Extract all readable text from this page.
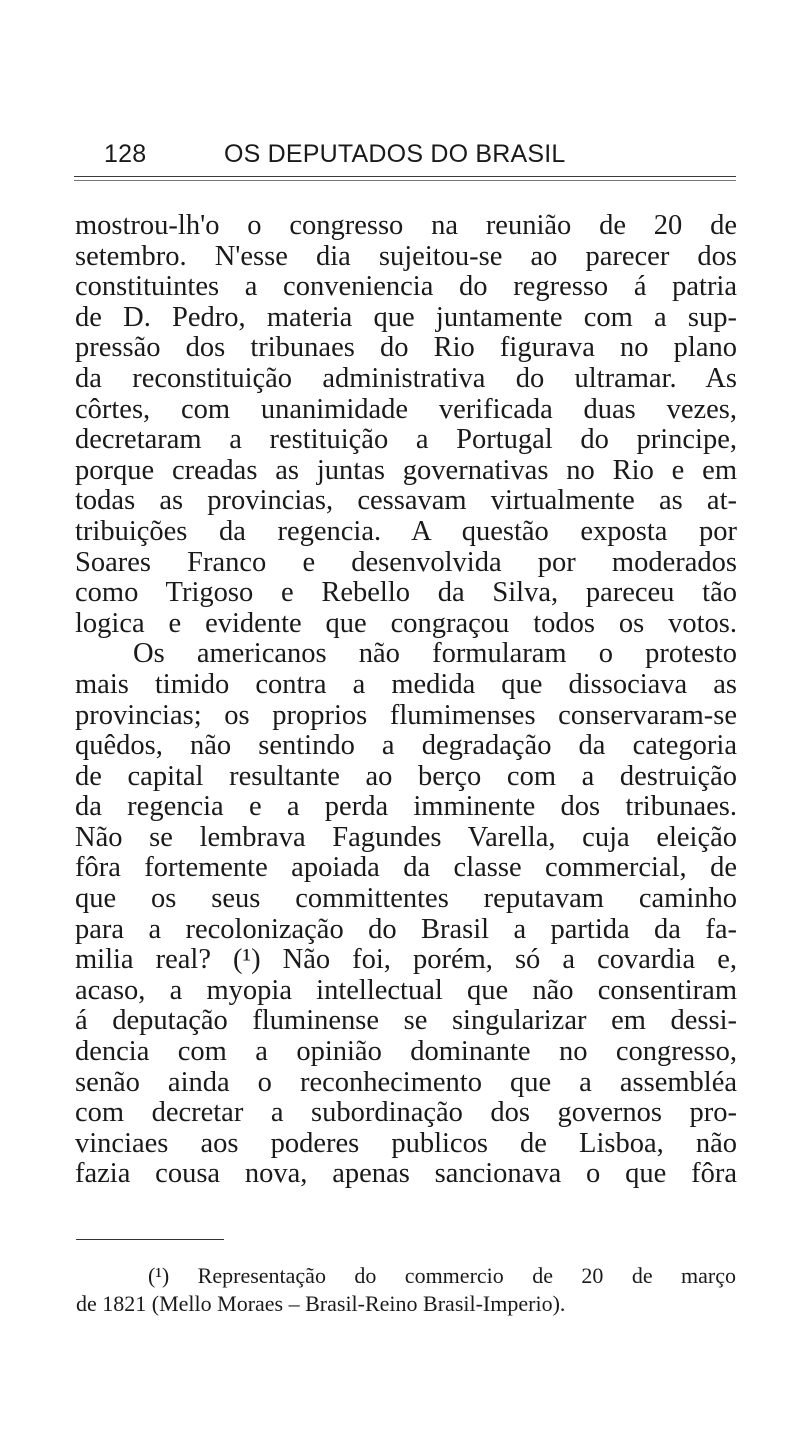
128	OS DEPUTADOS DO BRASIL
mostrou-lh'o o congresso na reunião de 20 de
setembro. N'esse dia sujeitou-se ao parecer dos
constituintes a conveniencia do regresso á patria
de D. Pedro, materia que juntamente com a sup-
pressão dos tribunaes do Rio figurava no plano
da reconstituição administrativa do ultramar. As
côrtes, com unanimidade verificada duas vezes,
decretaram a restituição a Portugal do principe,
porque creadas as juntas governativas no Rio e em
todas as provincias, cessavam virtualmente as at-
tribuições da regencia. A questão exposta por
Soares Franco e desenvolvida por moderados
como Trigoso e Rebello da Silva, pareceu tão
logica e evidente que congraçou todos os votos.
Os americanos não formularam o protesto
mais timido contra a medida que dissociava as
provincias; os proprios flumimenses conservaram-se
quêdos, não sentindo a degradação da categoria
de capital resultante ao berço com a destruição
da regencia e a perda imminente dos tribunaes.
Não se lembrava Fagundes Varella, cuja eleição
fôra fortemente apoiada da classe commercial, de
que os seus committentes reputavam caminho
para a recolonização do Brasil a partida da fa-
milia real? (¹) Não foi, porém, só a covardia e,
acaso, a myopia intellectual que não consentiram
á deputação fluminense se singularizar em dessi-
dencia com a opinião dominante no congresso,
senão ainda o reconhecimento que a assembléa
com decretar a subordinação dos governos pro-
vinciaes aos poderes publicos de Lisboa, não
fazia cousa nova, apenas sancionava o que fôra
(¹) Representação do commercio de 20 de março
de 1821 (Mello Moraes – Brasil-Reino Brasil-Imperio).
